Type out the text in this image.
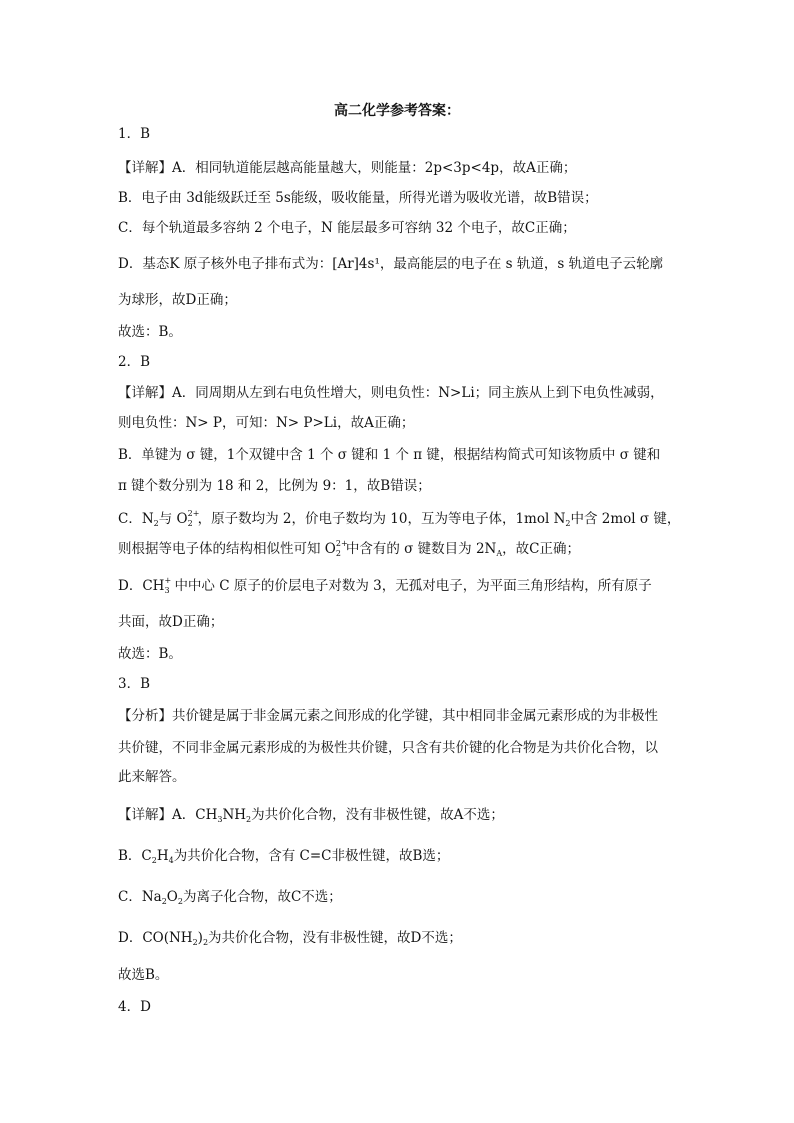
高二化学参考答案：
1．B
【详解】A．相同轨道能层越高能量越大，则能量：2p<3p<4p，故A正确；
B．电子由 3d能级跃迁至 5s能级，吸收能量，所得光谱为吸收光谱，故B错误；
C．每个轨道最多容纳 2 个电子，N 能层最多可容纳 32 个电子，故C正确；
D．基态K 原子核外电子排布式为：[Ar]4s¹，最高能层的电子在 s 轨道，s 轨道电子云轮廓
为球形，故D正确；
故选：B。
2．B
【详解】A．同周期从左到右电负性增大，则电负性：N>Li；同主族从上到下电负性减弱，
则电负性：N> P，可知：N> P>Li，故A正确；
B．单键为 σ 键，1个双键中含 1 个 σ 键和 1 个 π 键，根据结构简式可知该物质中 σ 键和
π 键个数分别为 18 和 2，比例为 9：1，故B错误；
C．$N_2$与 O 2+
2 ，原子数均为 2，价电子数均为 10，互为等电子体，1mol $N_2$中含 2mol σ 键，
则根据等电子体的结构相似性可知 O 2+
2 中含有的 σ 键数目为 $2N_A$，故C正确；
D．CH +
3 中中心 C 原子的价层电子对数为 3，无孤对电子，为平面三角形结构，所有原子
共面，故D正确；
故选：B。
3．B
【分析】共价键是属于非金属元素之间形成的化学键，其中相同非金属元素形成的为非极性
共价键，不同非金属元素形成的为极性共价键，只含有共价键的化合物是为共价化合物，以
此来解答。
【详解】A．$CH_3NH_2$为共价化合物，没有非极性键，故A不选；
B．$C_2H_4$为共价化合物，含有 C=C非极性键，故B选；
C．$Na_2O_2$为离子化合物，故C不选；
D．$CO(NH_2)_2$为共价化合物，没有非极性键，故D不选；
故选B。
4．D
